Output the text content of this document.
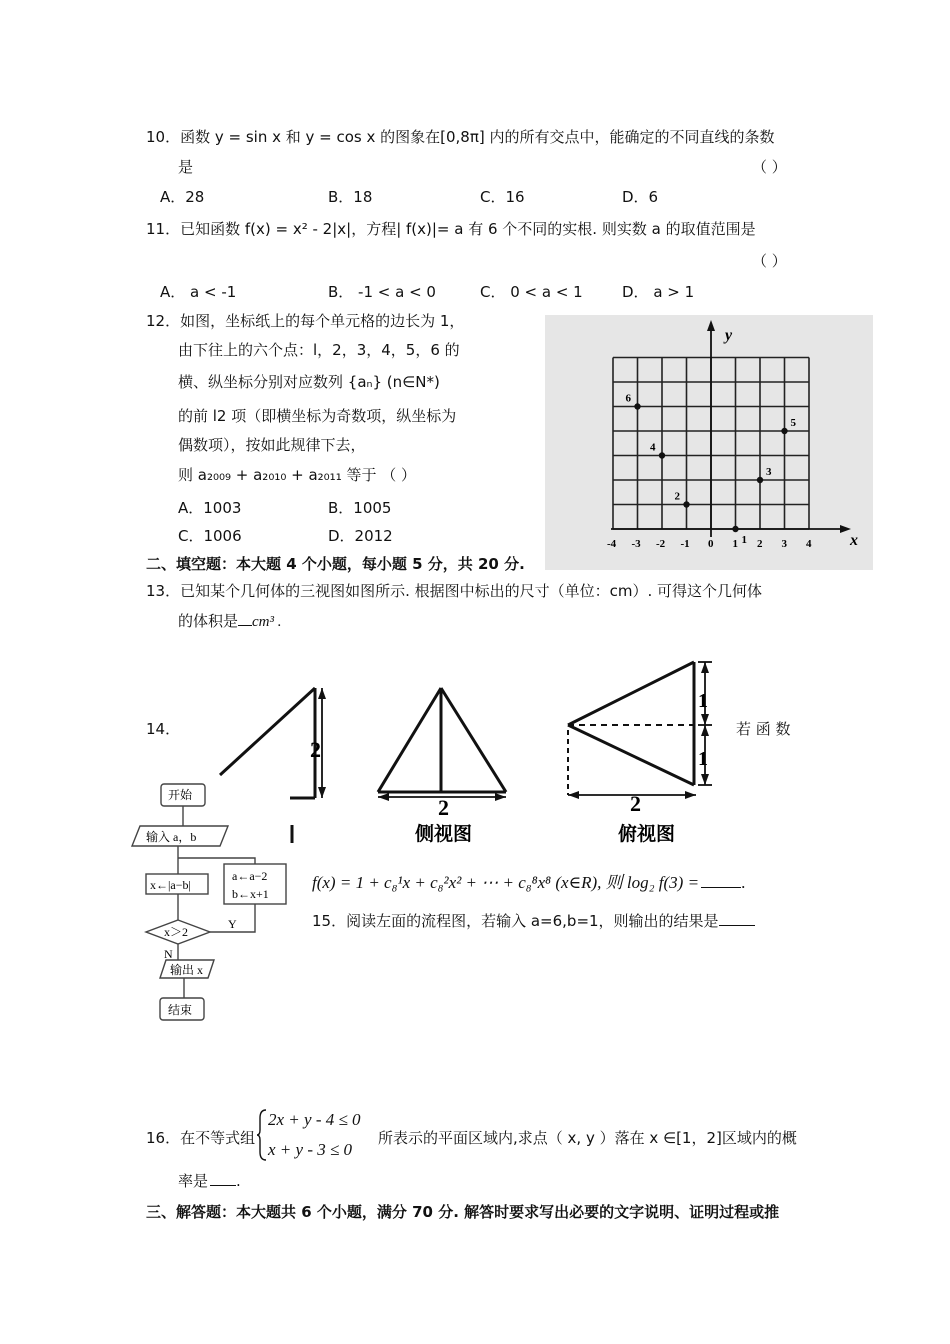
10．函数 y = sin x 和 y = cos x 的图象在[0,8π] 内的所有交点中，能确定的不同直线的条数
是	（ ）
A．28	B．18	C．16	D．6
11．已知函数 f(x) = x² - 2|x|，方程| f(x)|= a 有 6 个不同的实根. 则实数 a 的取值范围是
（ ）
A． a < -1	B． -1 < a < 0	C． 0 < a < 1	D． a > 1
12．如图，坐标纸上的每个单元格的边长为 1，
由下往上的六个点：l，2，3，4，5，6 的
横、纵坐标分别对应数列 {aₙ} (n∈N*)
的前 l2 项（即横坐标为奇数项，纵坐标为
偶数项），按如此规律下去，
则 a₂₀₀₉ + a₂₀₁₀ + a₂₀₁₁ 等于 （ ）
A．1003	B．1005
C．1006	D．2012
y
x
-4 -3 -2 -1 0 1 2 3 4
1
2
3
4
5
6
二、填空题：本大题 4 个小题，每小题 5 分，共 20 分.
13．已知某个几何体的三视图如图所示. 根据图中标出的尺寸（单位：cm）. 可得这个几何体
的体积是 cm³ .
2
2
侧视图
2
1
1
俯视图
14．	若 函 数
f(x) = 1 + c₈¹x + c₈²x² + ⋯ + c₈⁸x⁸ (x∈R), 则 log₂ f(3) = .
开始
输入 a，b
x←|a−b|
a←a−2
b←x+1
x＞2
Y
N
输出 x
结束
15．阅读左面的流程图，若输入 a=6,b=1，则输出的结果是
16．在不等式组
2x + y - 4 ≤ 0
x + y - 3 ≤ 0
所表示的平面区域内,求点（ x, y ）落在 x ∈[1，2]区域内的概
率是 .
三、解答题：本大题共 6 个小题，满分 70 分. 解答时要求写出必要的文字说明、证明过程或推
